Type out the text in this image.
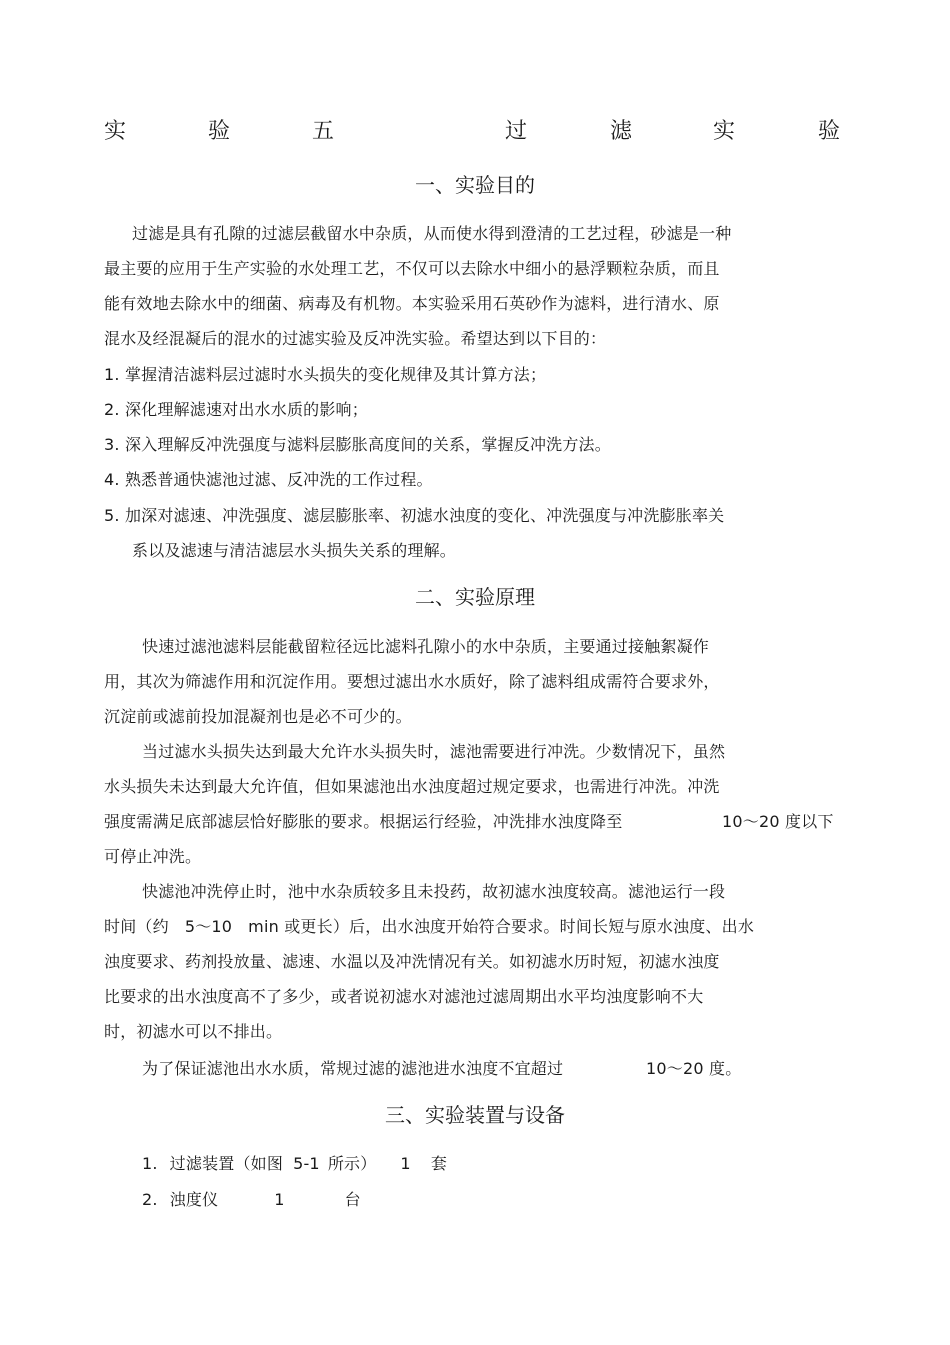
实	验	五	过	滤	实	验
一、实验目的
过滤是具有孔隙的过滤层截留水中杂质，从而使水得到澄清的工艺过程，砂滤是一种
最主要的应用于生产实验的水处理工艺，不仅可以去除水中细小的悬浮颗粒杂质，而且
能有效地去除水中的细菌、病毒及有机物。本实验采用石英砂作为滤料，进行清水、原
混水及经混凝后的混水的过滤实验及反冲洗实验。希望达到以下目的：
1. 掌握清洁滤料层过滤时水头损失的变化规律及其计算方法；
2. 深化理解滤速对出水水质的影响；
3. 深入理解反冲洗强度与滤料层膨胀高度间的关系，掌握反冲洗方法。
4. 熟悉普通快滤池过滤、反冲洗的工作过程。
5. 加深对滤速、冲洗强度、滤层膨胀率、初滤水浊度的变化、冲洗强度与冲洗膨胀率关
系以及滤速与清洁滤层水头损失关系的理解。
二、实验原理
快速过滤池滤料层能截留粒径远比滤料孔隙小的水中杂质，主要通过接触絮凝作
用，其次为筛滤作用和沉淀作用。要想过滤出水水质好，除了滤料组成需符合要求外，
沉淀前或滤前投加混凝剂也是必不可少的。
当过滤水头损失达到最大允许水头损失时，滤池需要进行冲洗。少数情况下，虽然
水头损失未达到最大允许值，但如果滤池出水浊度超过规定要求，也需进行冲洗。冲洗
强度需满足底部滤层恰好膨胀的要求。根据运行经验，冲洗排水浊度降至	10～20 度以下
可停止冲洗。
快滤池冲洗停止时，池中水杂质较多且未投药，故初滤水浊度较高。滤池运行一段
时间（约 5～10 min 或更长）后，出水浊度开始符合要求。时间长短与原水浊度、出水
浊度要求、药剂投放量、滤速、水温以及冲洗情况有关。如初滤水历时短，初滤水浊度
比要求的出水浊度高不了多少，或者说初滤水对滤池过滤周期出水平均浊度影响不大
时，初滤水可以不排出。
为了保证滤池出水水质，常规过滤的滤池进水浊度不宜超过	10～20 度。
三、实验装置与设备
1. 过滤装置（如图 5-1 所示） 1 套
2. 浊度仪	1	台
